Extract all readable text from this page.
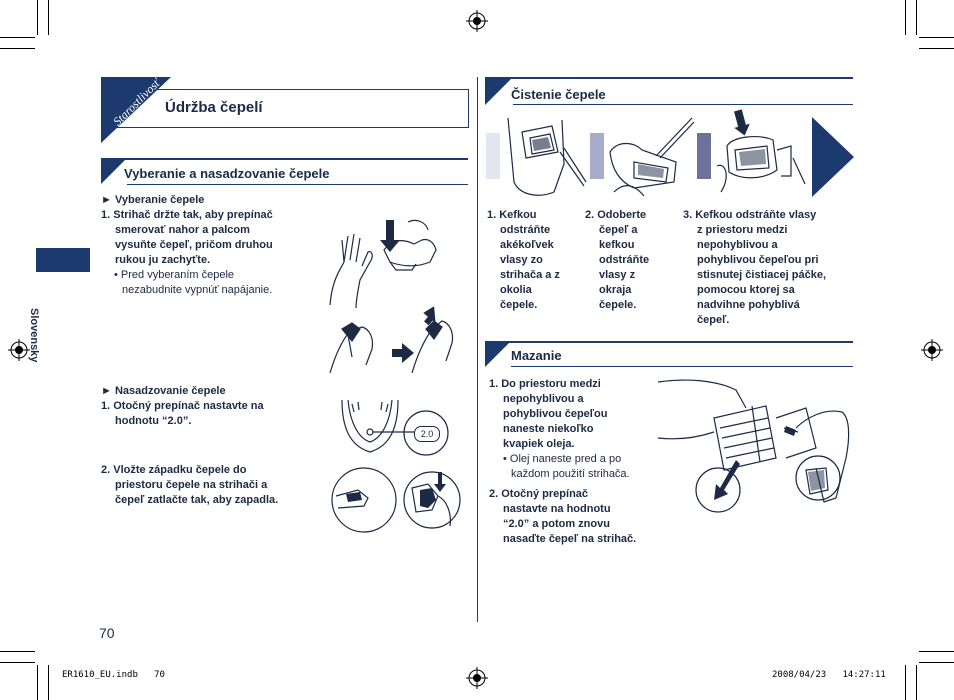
Slovensky
Starostlivosť Údržba čepelí
Vyberanie a nasadzovanie čepele
► Vyberanie čepele
1. Strihač držte tak, aby prepínač
smerovať nahor a palcom
vysuňte čepeľ, pričom druhou
rukou ju zachyťte.
• Pred vyberaním čepele
nezabudnite vypnúť napájanie.
► Nasadzovanie čepele
1. Otočný prepínač nastavte na
hodnotu “2.0”.
2. Vložte západku čepele do
priestoru čepele na strihači a
čepeľ zatlačte tak, aby zapadla.
2.0
Čistenie čepele
1. Kefkou
odstráňte
akékoľvek
vlasy zo
strihača a z
okolia
čepele.
2. Odoberte
čepeľ a
kefkou
odstráňte
vlasy z
okraja
čepele.
3. Kefkou odstráňte vlasy
z priestoru medzi
nepohyblivou a
pohyblivou čepeľou pri
stisnutej čistiacej páčke,
pomocou ktorej sa
nadvihne pohyblivá
čepeľ.
Mazanie
1. Do priestoru medzi
nepohyblivou a
pohyblivou čepeľou
naneste niekoľko
kvapiek oleja.
• Olej naneste pred a po
každom použití strihača.
2. Otočný prepínač
nastavte na hodnotu
“2.0” a potom znovu
nasaďte čepeľ na strihač.
70
ER1610_EU.indb   70	2008/04/23   14:27:11
